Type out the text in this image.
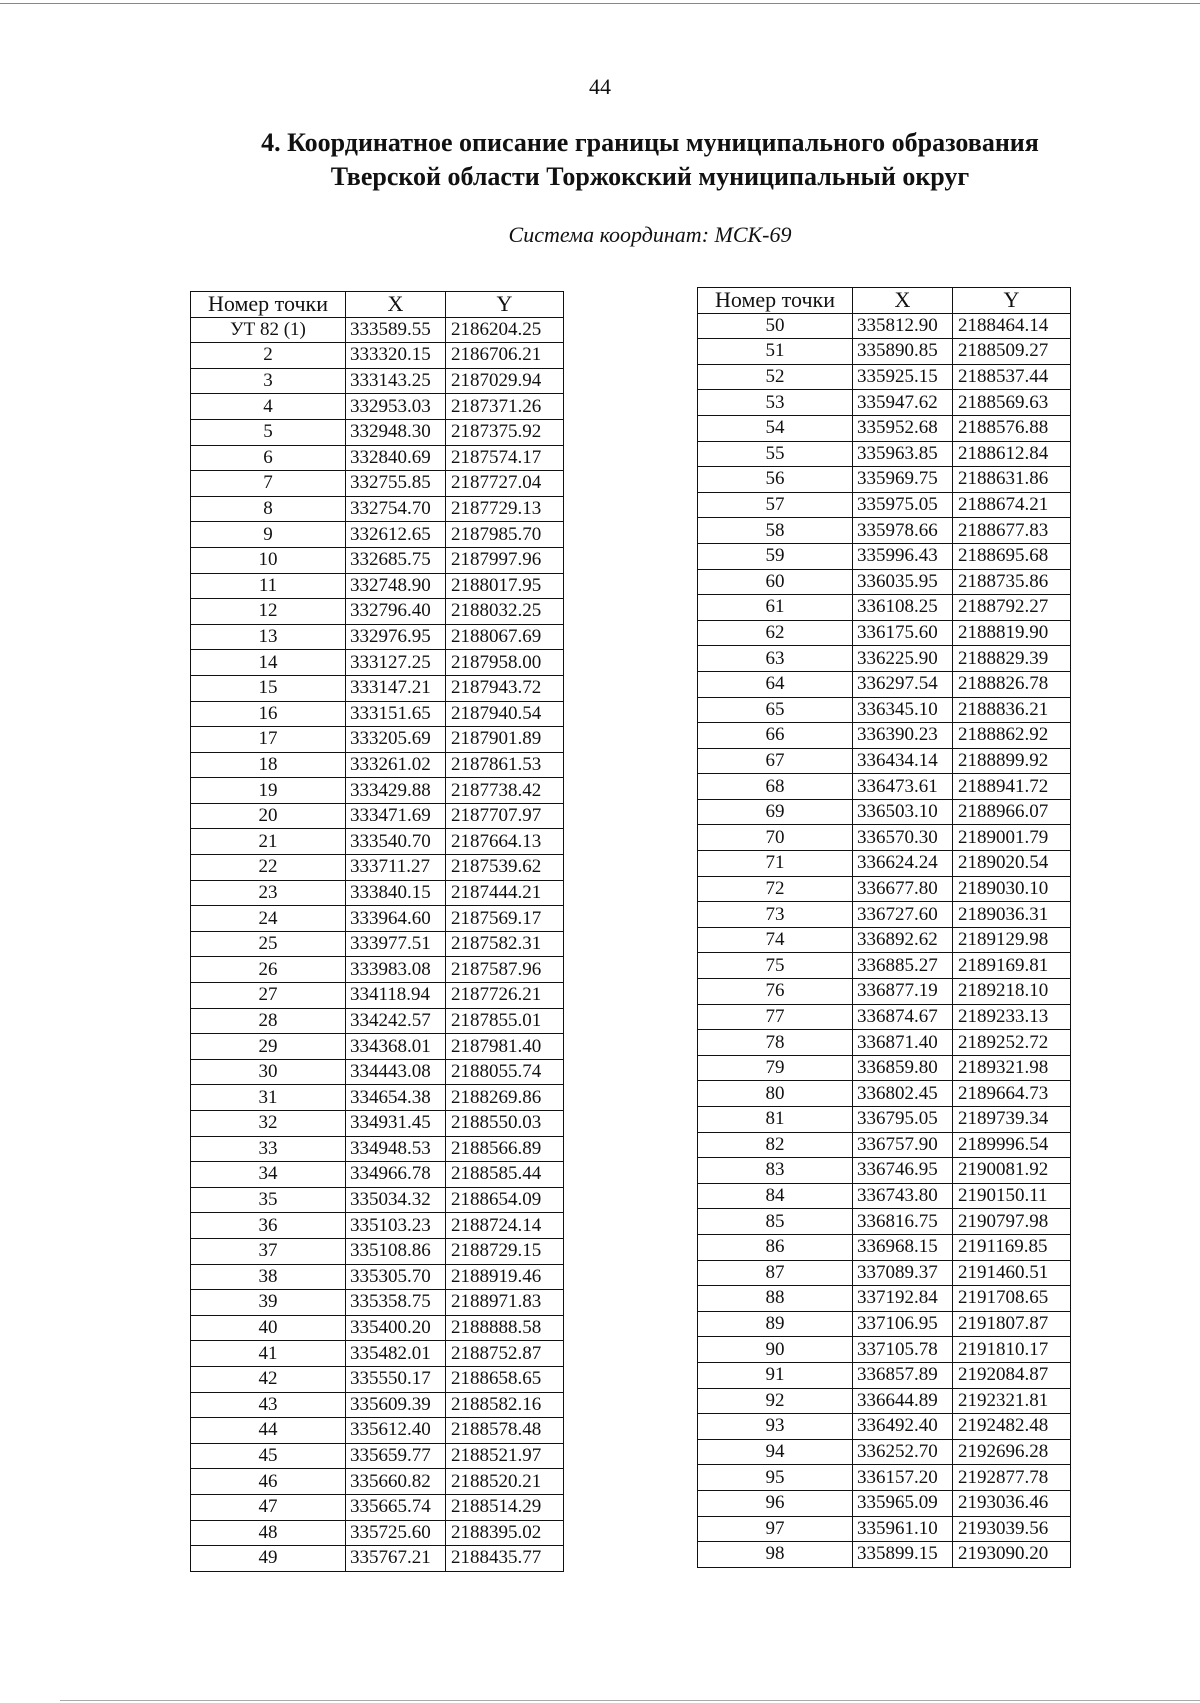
44
4. Координатное описание границы муниципального образования
Тверской области Торжокский муниципальный округ
Система координат: МСК-69
Номер точки	X	Y
УТ 82 (1)	333589.55	2186204.25
2	333320.15	2186706.21
3	333143.25	2187029.94
4	332953.03	2187371.26
5	332948.30	2187375.92
6	332840.69	2187574.17
7	332755.85	2187727.04
8	332754.70	2187729.13
9	332612.65	2187985.70
10	332685.75	2187997.96
11	332748.90	2188017.95
12	332796.40	2188032.25
13	332976.95	2188067.69
14	333127.25	2187958.00
15	333147.21	2187943.72
16	333151.65	2187940.54
17	333205.69	2187901.89
18	333261.02	2187861.53
19	333429.88	2187738.42
20	333471.69	2187707.97
21	333540.70	2187664.13
22	333711.27	2187539.62
23	333840.15	2187444.21
24	333964.60	2187569.17
25	333977.51	2187582.31
26	333983.08	2187587.96
27	334118.94	2187726.21
28	334242.57	2187855.01
29	334368.01	2187981.40
30	334443.08	2188055.74
31	334654.38	2188269.86
32	334931.45	2188550.03
33	334948.53	2188566.89
34	334966.78	2188585.44
35	335034.32	2188654.09
36	335103.23	2188724.14
37	335108.86	2188729.15
38	335305.70	2188919.46
39	335358.75	2188971.83
40	335400.20	2188888.58
41	335482.01	2188752.87
42	335550.17	2188658.65
43	335609.39	2188582.16
44	335612.40	2188578.48
45	335659.77	2188521.97
46	335660.82	2188520.21
47	335665.74	2188514.29
48	335725.60	2188395.02
49	335767.21	2188435.77
Номер точки	X	Y
50	335812.90	2188464.14
51	335890.85	2188509.27
52	335925.15	2188537.44
53	335947.62	2188569.63
54	335952.68	2188576.88
55	335963.85	2188612.84
56	335969.75	2188631.86
57	335975.05	2188674.21
58	335978.66	2188677.83
59	335996.43	2188695.68
60	336035.95	2188735.86
61	336108.25	2188792.27
62	336175.60	2188819.90
63	336225.90	2188829.39
64	336297.54	2188826.78
65	336345.10	2188836.21
66	336390.23	2188862.92
67	336434.14	2188899.92
68	336473.61	2188941.72
69	336503.10	2188966.07
70	336570.30	2189001.79
71	336624.24	2189020.54
72	336677.80	2189030.10
73	336727.60	2189036.31
74	336892.62	2189129.98
75	336885.27	2189169.81
76	336877.19	2189218.10
77	336874.67	2189233.13
78	336871.40	2189252.72
79	336859.80	2189321.98
80	336802.45	2189664.73
81	336795.05	2189739.34
82	336757.90	2189996.54
83	336746.95	2190081.92
84	336743.80	2190150.11
85	336816.75	2190797.98
86	336968.15	2191169.85
87	337089.37	2191460.51
88	337192.84	2191708.65
89	337106.95	2191807.87
90	337105.78	2191810.17
91	336857.89	2192084.87
92	336644.89	2192321.81
93	336492.40	2192482.48
94	336252.70	2192696.28
95	336157.20	2192877.78
96	335965.09	2193036.46
97	335961.10	2193039.56
98	335899.15	2193090.20
